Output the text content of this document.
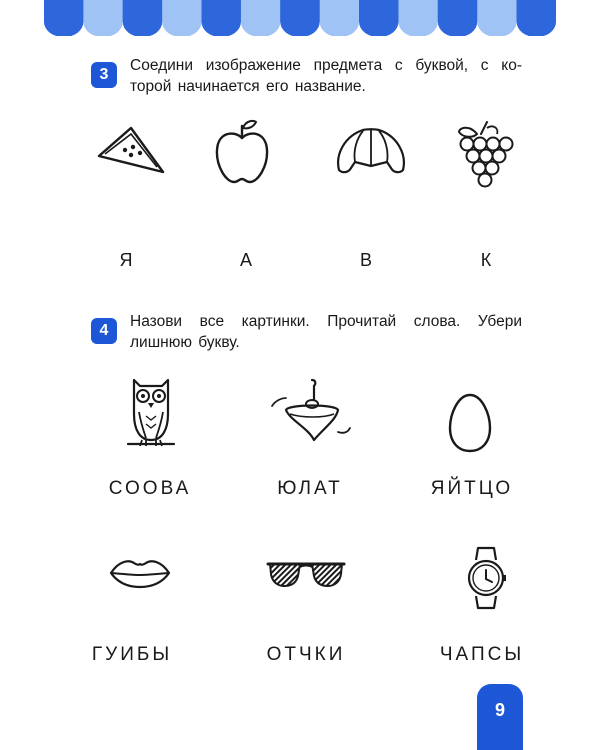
3
Соедини изображение предмета с буквой, с ко-
торой начинается его название.
Я	А	В	К
4
Назови все картинки. Прочитай слова. Убери
лишнюю букву.
СООВА	ЮЛАТ	ЯЙТЦО
ГУИБЫ	ОТЧКИ	ЧАПСЫ
9
